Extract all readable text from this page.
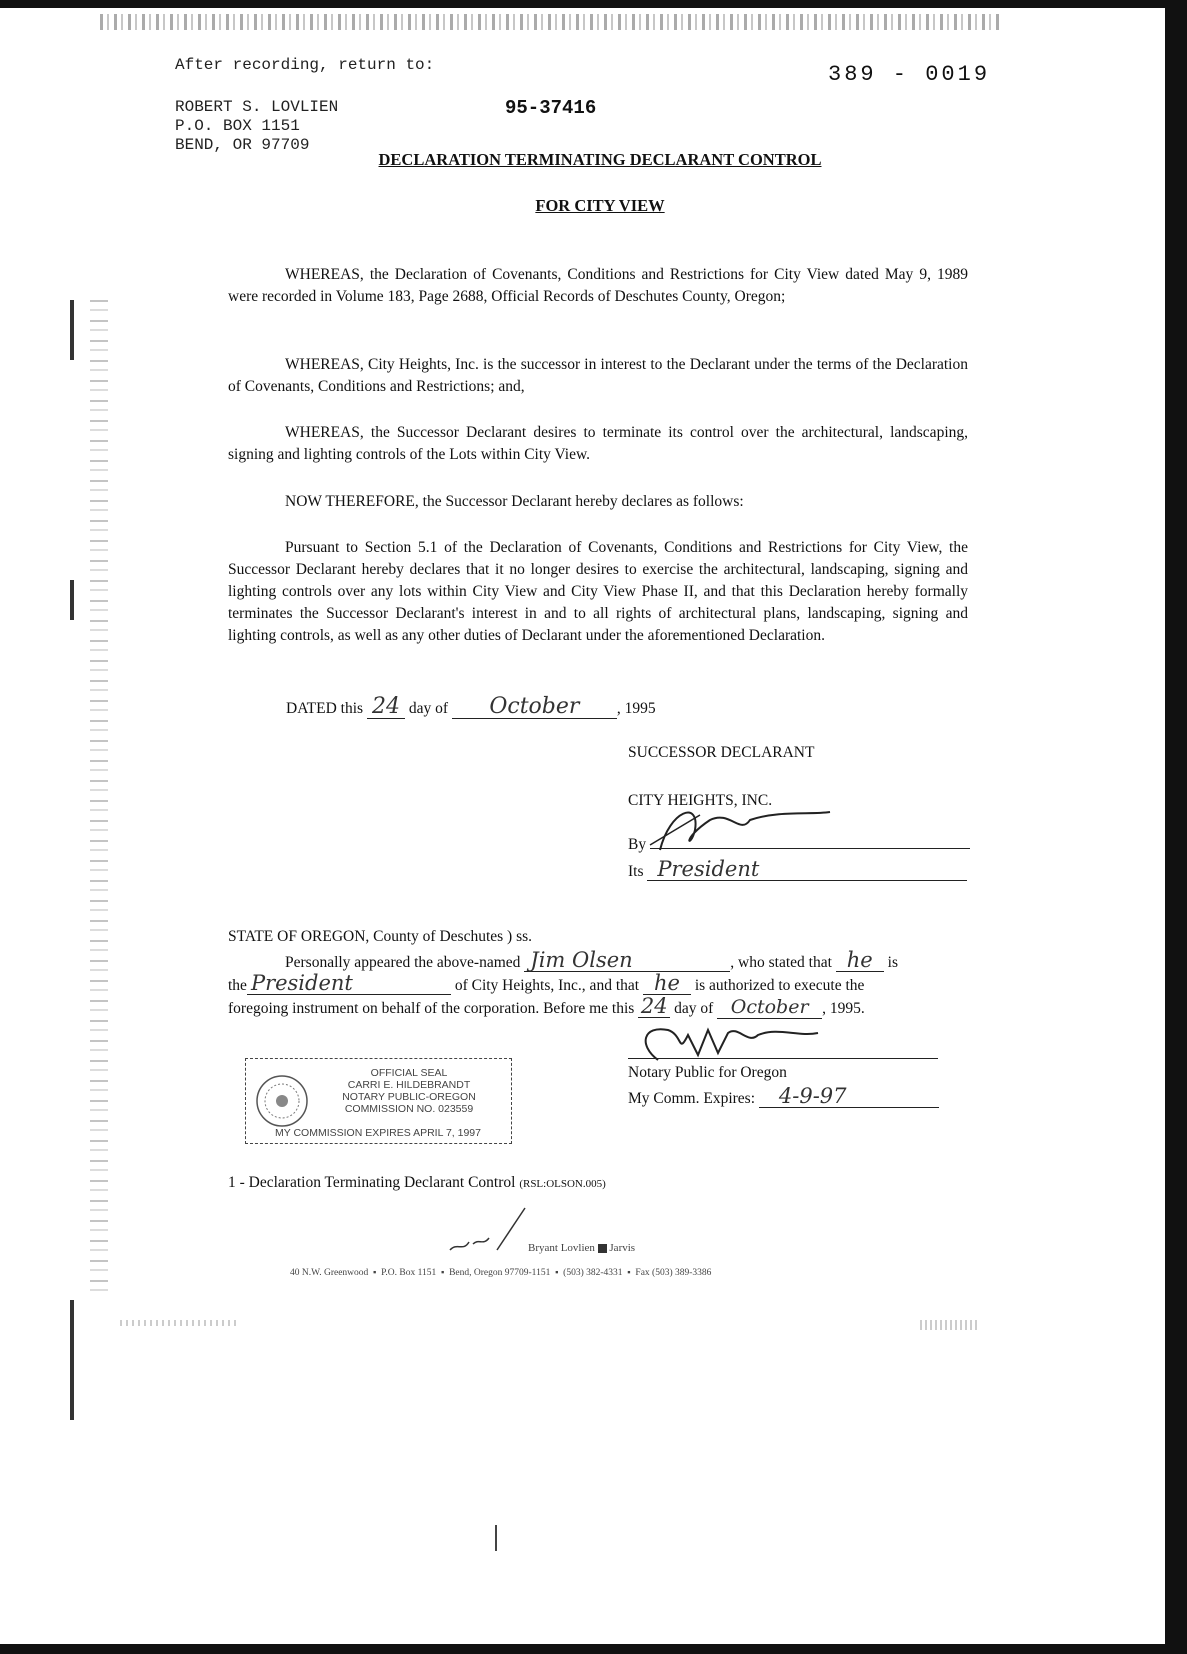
After recording, return to:	389 - 0019
95-37416
ROBERT S. LOVLIEN
P.O. BOX 1151
BEND, OR 97709
DECLARATION TERMINATING DECLARANT CONTROL
FOR CITY VIEW
WHEREAS, the Declaration of Covenants, Conditions and Restrictions for City View dated May 9, 1989 were recorded in Volume 183, Page 2688, Official Records of Deschutes County, Oregon;
WHEREAS, City Heights, Inc. is the successor in interest to the Declarant under the terms of the Declaration of Covenants, Conditions and Restrictions; and,
WHEREAS, the Successor Declarant desires to terminate its control over the architectural, landscaping, signing and lighting controls of the Lots within City View.
NOW THEREFORE, the Successor Declarant hereby declares as follows:
Pursuant to Section 5.1 of the Declaration of Covenants, Conditions and Restrictions for City View, the Successor Declarant hereby declares that it no longer desires to exercise the architectural, landscaping, signing and lighting controls over any lots within City View and City View Phase II, and that this Declaration hereby formally terminates the Successor Declarant's interest in and to all rights of architectural plans, landscaping, signing and lighting controls, as well as any other duties of Declarant under the aforementioned Declaration.
DATED this 24 day of October , 1995
SUCCESSOR DECLARANT
CITY HEIGHTS, INC.
By
Its President
STATE OF OREGON, County of Deschutes ) ss.
Personally appeared the above-named Jim Olsen	, who stated that he is
the President	of City Heights, Inc., and that he is authorized to execute the
foregoing instrument on behalf of the corporation. Before me this 24 day of October , 1995.
Notary Public for Oregon
My Comm. Expires: 4-9-97
OFFICIAL SEAL
CARRI E. HILDEBRANDT
NOTARY PUBLIC-OREGON
COMMISSION NO. 023559
MY COMMISSION EXPIRES APRIL 7, 1997
1 - Declaration Terminating Declarant Control (RSL:OLSON.005)
Bryant Lovlien Jarvis
40 N.W. Greenwood  ▪  P.O. Box 1151  ▪  Bend, Oregon 97709-1151  ▪  (503) 382-4331  ▪  Fax (503) 389-3386
